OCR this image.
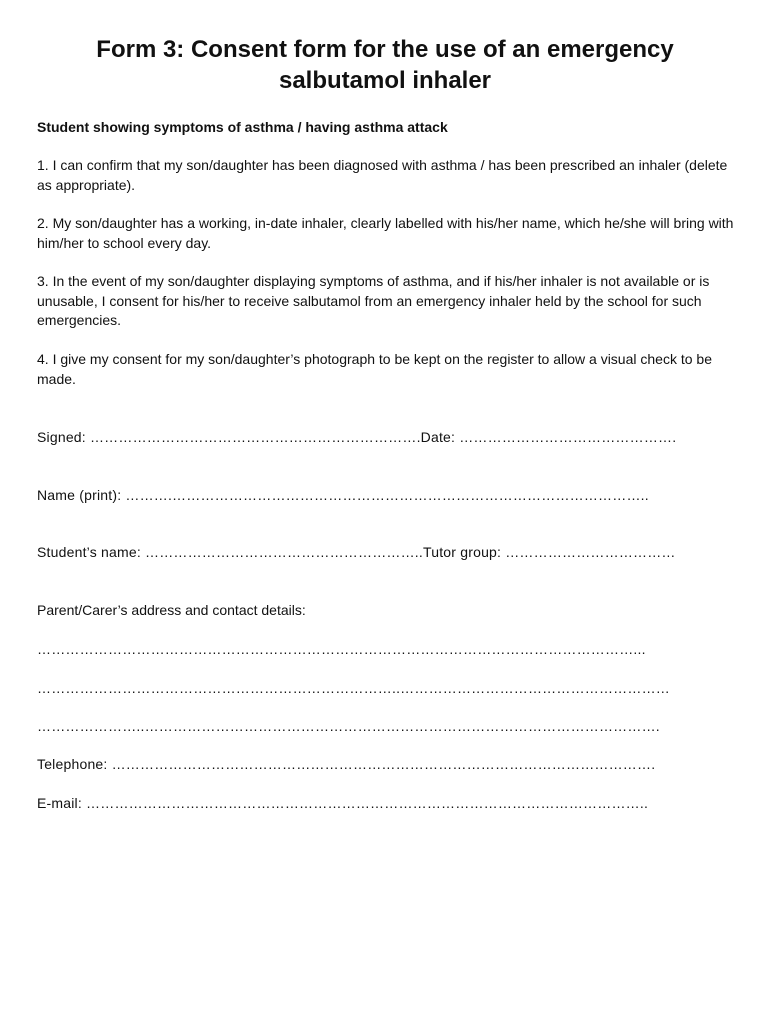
Form 3: Consent form for the use of an emergency salbutamol inhaler
Student showing symptoms of asthma / having asthma attack
1. I can confirm that my son/daughter has been diagnosed with asthma / has been prescribed an inhaler (delete as appropriate).
2. My son/daughter has a working, in-date inhaler, clearly labelled with his/her name, which he/she will bring with him/her to school every day.
3. In the event of my son/daughter displaying symptoms of asthma, and if his/her inhaler is not available or is unusable, I consent for his/her to receive salbutamol from an emergency inhaler held by the school for such emergencies.
4. I give my consent for my son/daughter’s photograph to be kept on the register to allow a visual check to be made.
Signed: …………………………………………………………….Date: ……………………………………….
Name (print): ……….………………………………………………………………………………………..
Student’s name: …………………………………………………..Tutor group: ………………………………
Parent/Carer’s address and contact details:
………………………………………………………………………………………………………………...
…………………………………………………………………..…………………………………………………
…………………..……………………………………………………………………………………………….
Telephone: …………………………………………………………………………………………………….
E-mail: ………………………………………………………………………………………………………..
